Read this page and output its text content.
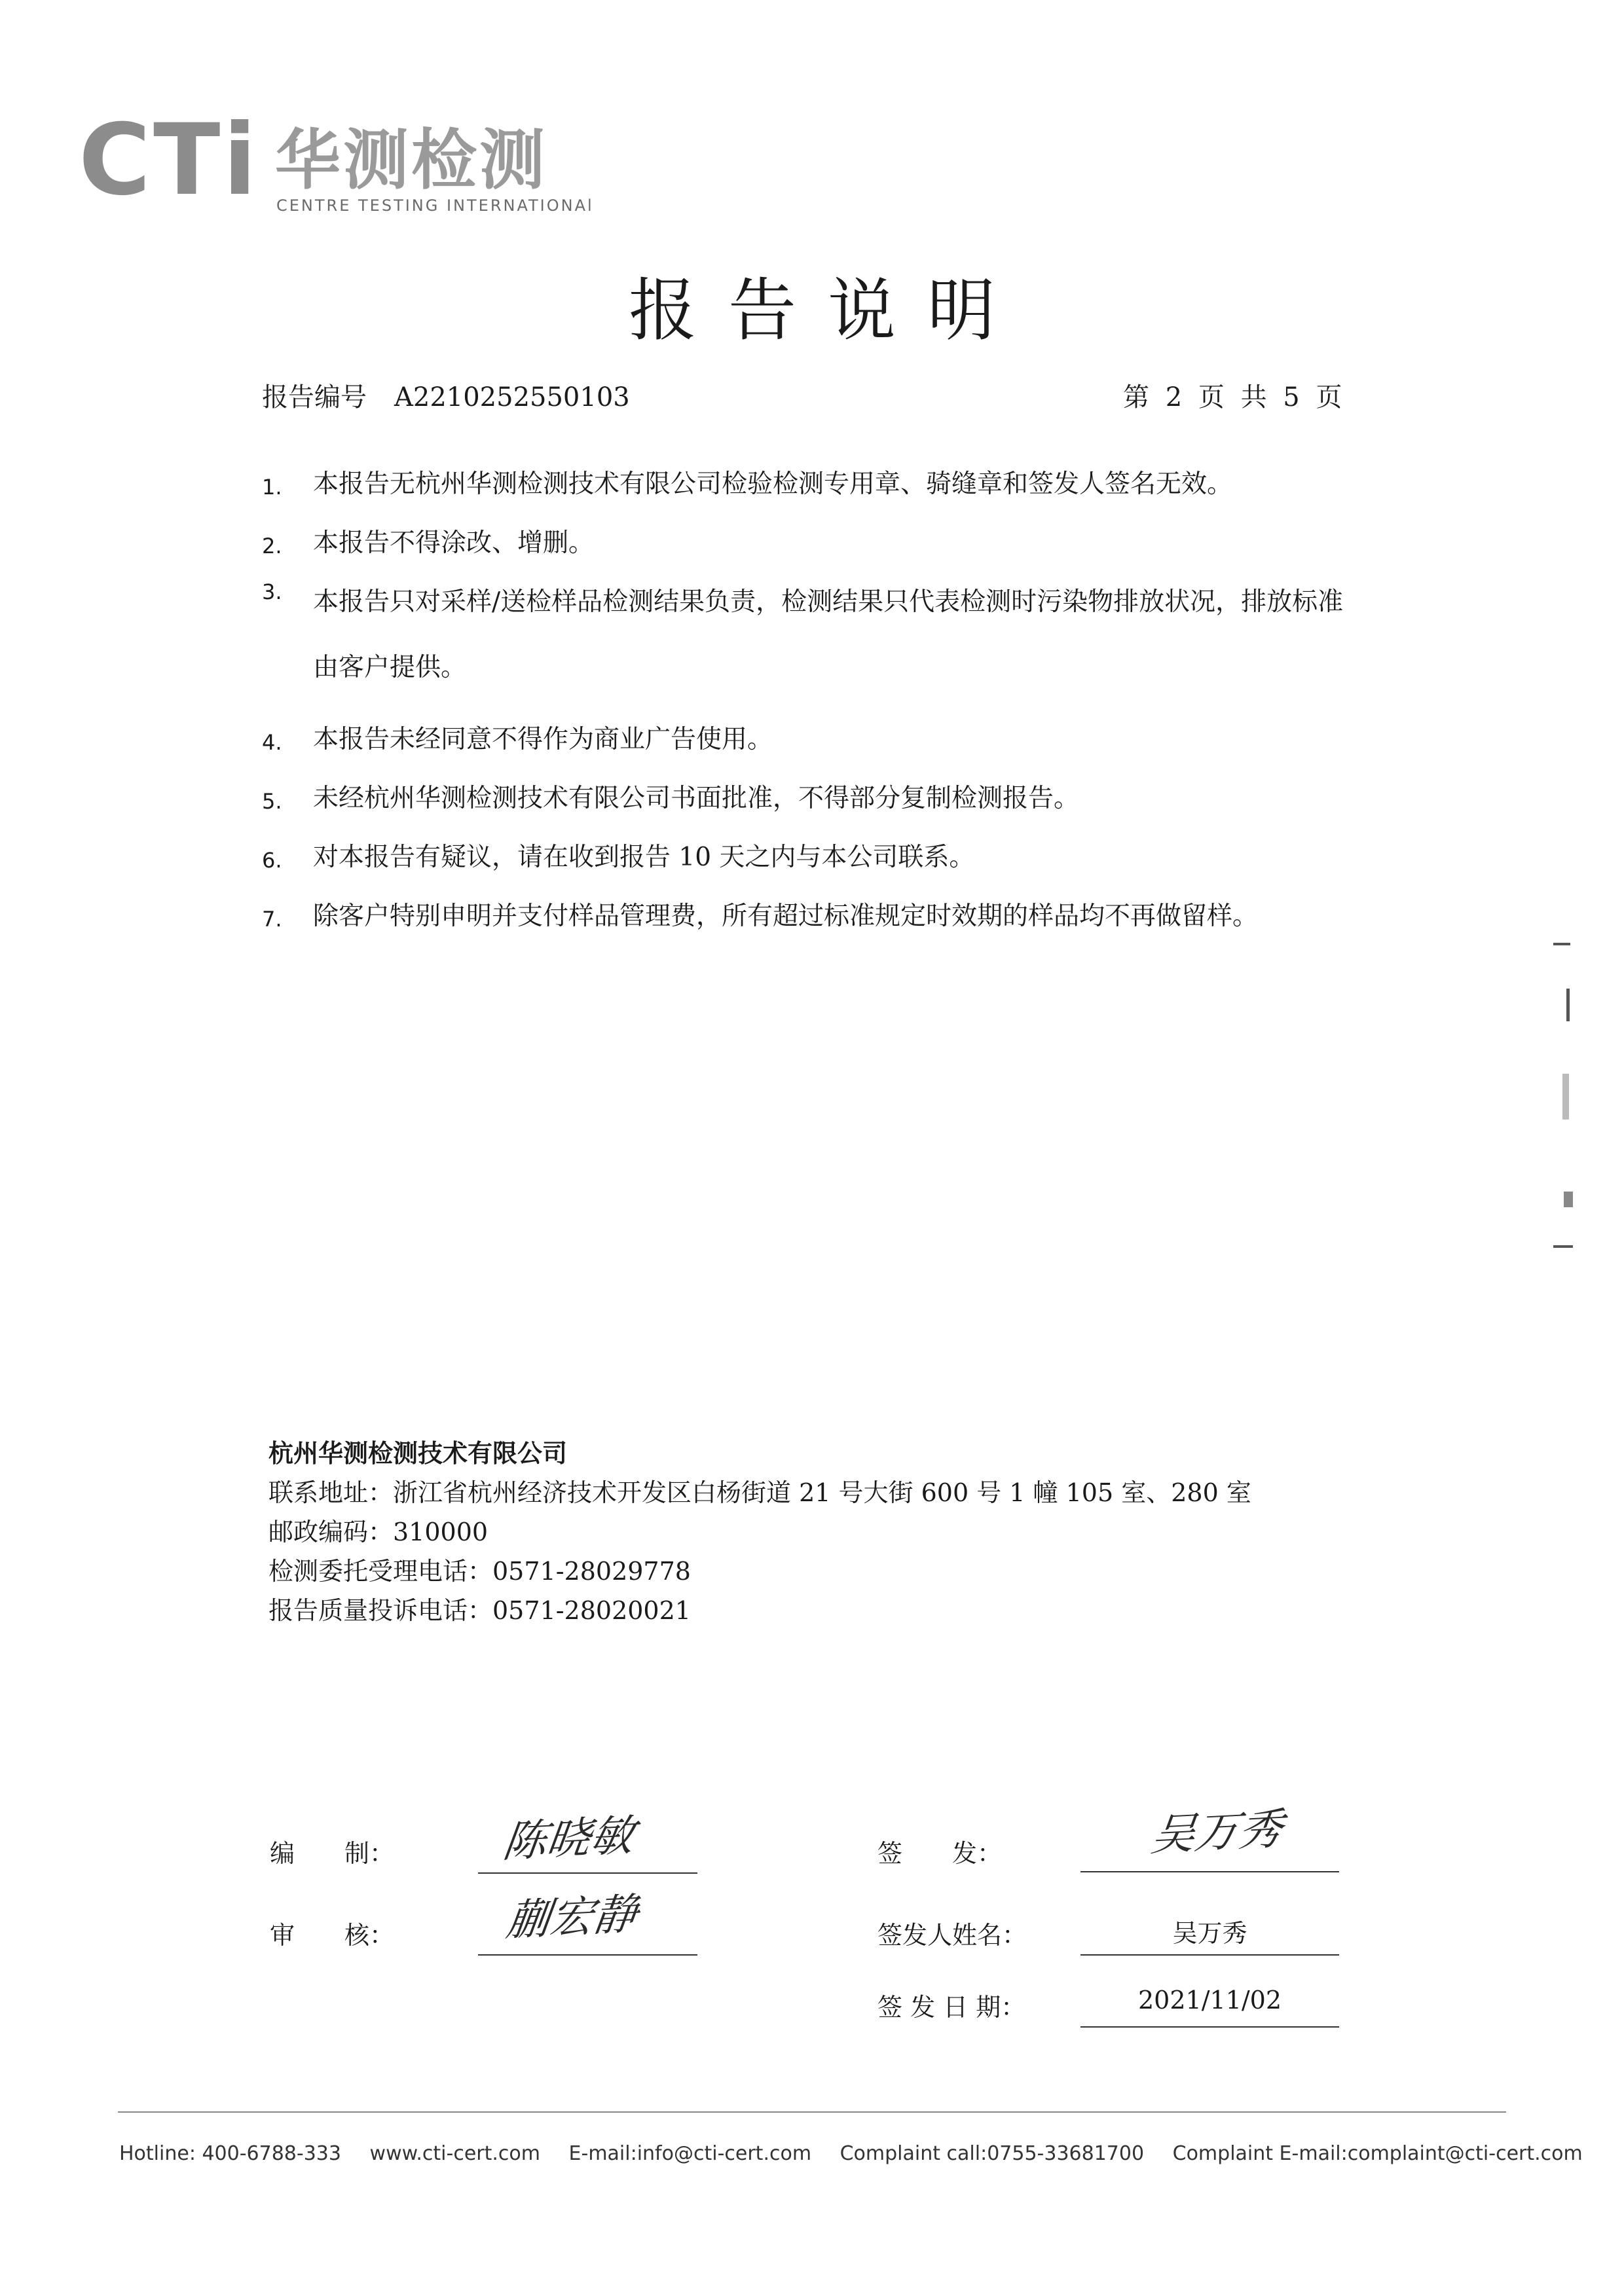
CTi 华测检测
CENTRE TESTING INTERNATIONAl
报告说明
报告编号 A2210252550103	第 2 页 共 5 页
1. 本报告无杭州华测检测技术有限公司检验检测专用章、骑缝章和签发人签名无效。
2. 本报告不得涂改、增删。
3. 本报告只对采样/送检样品检测结果负责，检测结果只代表检测时污染物排放状况，排放标准由客户提供。
4. 本报告未经同意不得作为商业广告使用。
5. 未经杭州华测检测技术有限公司书面批准，不得部分复制检测报告。
6. 对本报告有疑议，请在收到报告 10 天之内与本公司联系。
7. 除客户特别申明并支付样品管理费，所有超过标准规定时效期的样品均不再做留样。
杭州华测检测技术有限公司
联系地址：浙江省杭州经济技术开发区白杨街道 21 号大街 600 号 1 幢 105 室、280 室
邮政编码：310000
检测委托受理电话：0571-28029778
报告质量投诉电话：0571-28020021
编　　制： 陈晓敏
审　　核：	蒯宏静
签　　发：	吴万秀
签发人姓名：	吴万秀
签 发 日 期：	2021/11/02
Hotline: 400-6788-333 www.cti-cert.com E-mail:info@cti-cert.com Complaint call:0755-33681700 Complaint E-mail:complaint@cti-cert.com
